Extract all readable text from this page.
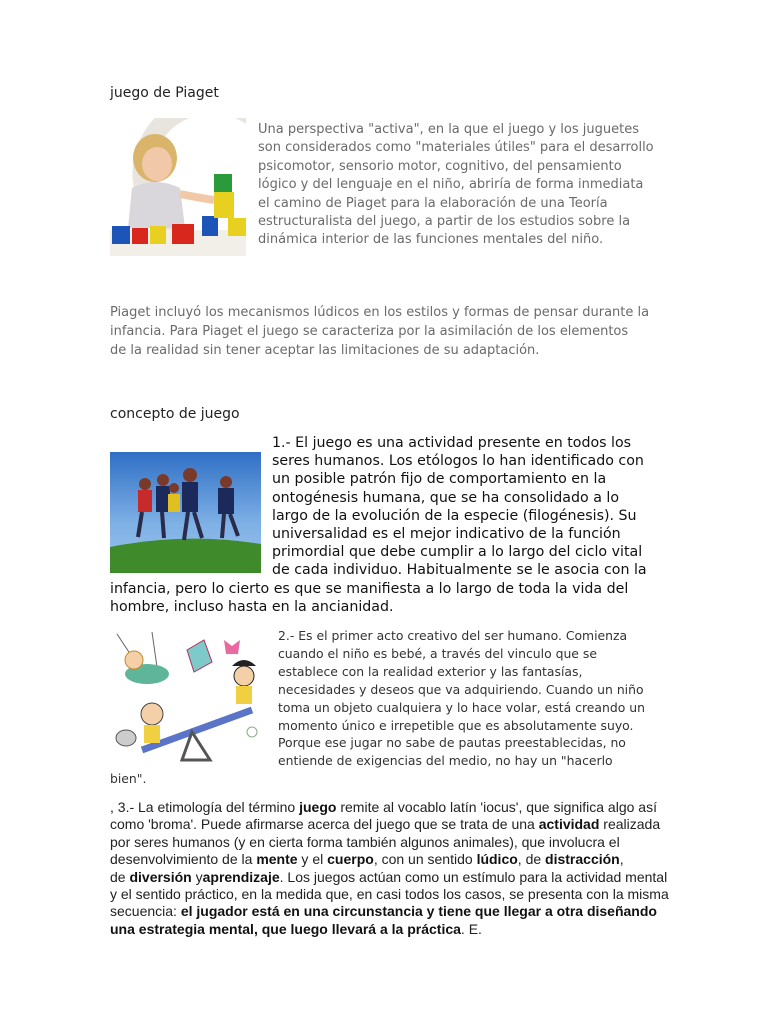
juego de Piaget
Una perspectiva "activa", en la que el juego y los juguetes
son considerados como "materiales útiles" para el desarrollo
psicomotor, sensorio motor, cognitivo, del pensamiento
lógico y del lenguaje en el niño, abriría de forma inmediata
el camino de Piaget para la elaboración de una Teoría
estructuralista del juego, a partir de los estudios sobre la
dinámica interior de las funciones mentales del niño.
Piaget incluyó los mecanismos lúdicos en los estilos y formas de pensar durante la
infancia. Para Piaget el juego se caracteriza por la asimilación de los elementos
de la realidad sin tener aceptar las limitaciones de su adaptación.
concepto de juego
1.- El juego es una actividad presente en todos los
seres humanos. Los etólogos lo han identificado con
un posible patrón fijo de comportamiento en la
ontogénesis humana, que se ha consolidado a lo
largo de la evolución de la especie (filogénesis). Su
universalidad es el mejor indicativo de la función
primordial que debe cumplir a lo largo del ciclo vital
de cada individuo. Habitualmente se le asocia con la
infancia, pero lo cierto es que se manifiesta a lo largo de toda la vida del
hombre, incluso hasta en la ancianidad.
2.- Es el primer acto creativo del ser humano. Comienza
cuando el niño es bebé, a través del vinculo que se
establece con la realidad exterior y las fantasías,
necesidades y deseos que va adquiriendo. Cuando un niño
toma un objeto cualquiera y lo hace volar, está creando un
momento único e irrepetible que es absolutamente suyo.
Porque ese jugar no sabe de pautas preestablecidas, no
entiende de exigencias del medio, no hay un "hacerlo
bien".
, 3.- La etimología del término juego remite al vocablo latín 'iocus', que significa algo así
como 'broma'. Puede afirmarse acerca del juego que se trata de una actividad realizada
por seres humanos (y en cierta forma también algunos animales), que involucra el
desenvolvimiento de la mente y el cuerpo, con un sentido lúdico, de distracción,
de diversión yaprendizaje. Los juegos actúan como un estímulo para la actividad mental
y el sentido práctico, en la medida que, en casi todos los casos, se presenta con la misma
secuencia: el jugador está en una circunstancia y tiene que llegar a otra diseñando
una estrategia mental, que luego llevará a la práctica. E.
